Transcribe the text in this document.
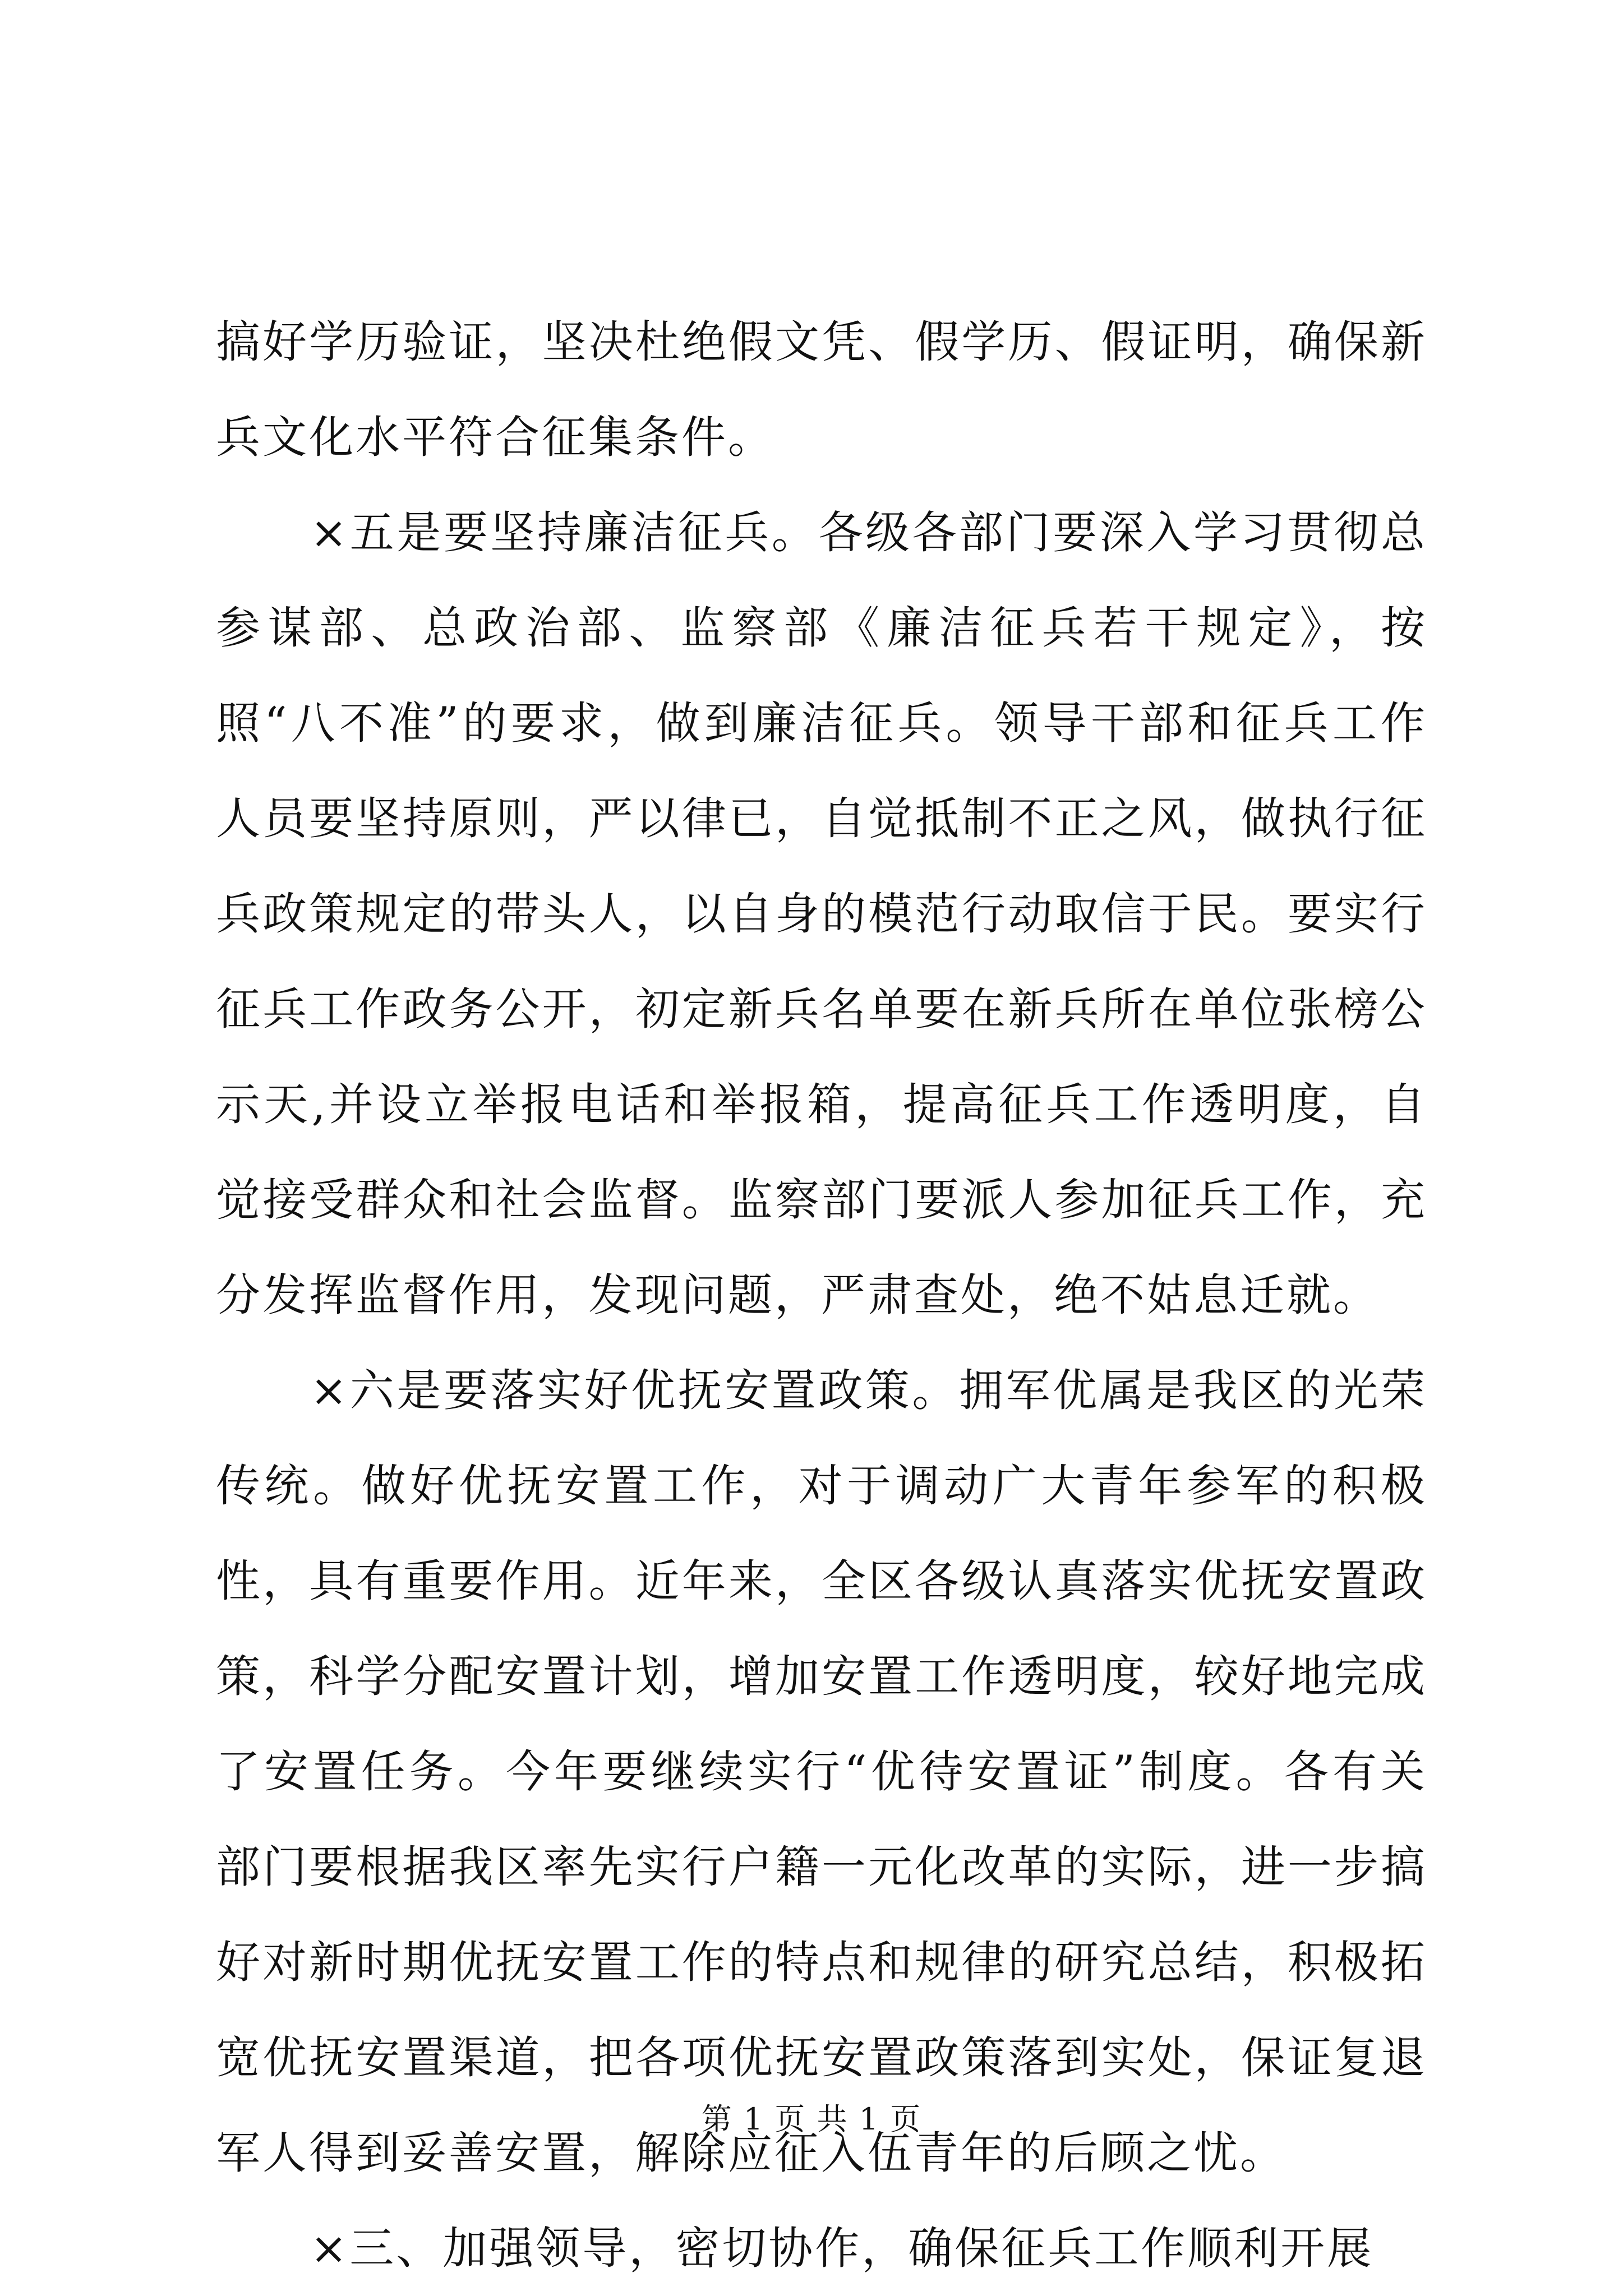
搞好学历验证，坚决杜绝假文凭、假学历、假证明，确保新兵文化水平符合征集条件。

×五是要坚持廉洁征兵。各级各部门要深入学习贯彻总参谋部、总政治部、监察部《廉洁征兵若干规定》，按照“八不准”的要求，做到廉洁征兵。领导干部和征兵工作人员要坚持原则，严以律已，自觉抵制不正之风，做执行征兵政策规定的带头人，以自身的模范行动取信于民。要实行征兵工作政务公开，初定新兵名单要在新兵所在单位张榜公示天,并设立举报电话和举报箱，提高征兵工作透明度，自觉接受群众和社会监督。监察部门要派人参加征兵工作，充分发挥监督作用，发现问题，严肃查处，绝不姑息迁就。

×六是要落实好优抚安置政策。拥军优属是我区的光荣传统。做好优抚安置工作，对于调动广大青年参军的积极性，具有重要作用。近年来，全区各级认真落实优抚安置政策，科学分配安置计划，增加安置工作透明度，较好地完成了安置任务。今年要继续实行“优待安置证”制度。各有关部门要根据我区率先实行户籍一元化改革的实际，进一步搞好对新时期优抚安置工作的特点和规律的研究总结，积极拓宽优抚安置渠道，把各项优抚安置政策落到实处，保证复退军人得到妥善安置，解除应征入伍青年的后顾之忧。

×三、加强领导，密切协作，确保征兵工作顺利开展

第 1 页 共 1 页
